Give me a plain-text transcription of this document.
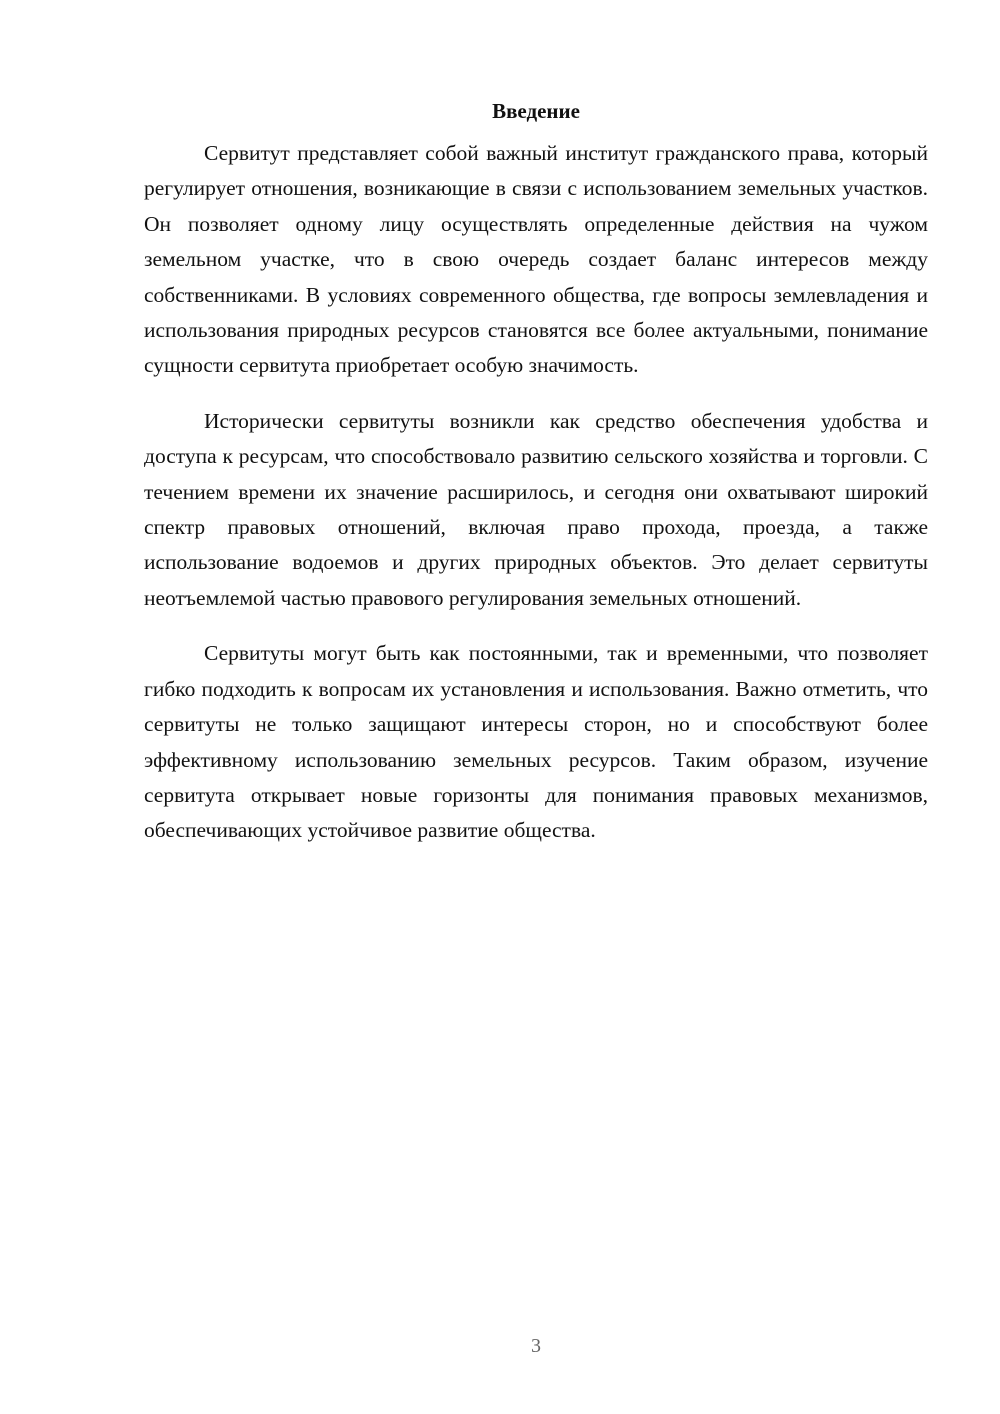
Введение

Сервитут представляет собой важный институт гражданского права, который регулирует отношения, возникающие в связи с использованием земельных участков. Он позволяет одному лицу осуществлять определенные действия на чужом земельном участке, что в свою очередь создает баланс интересов между собственниками. В условиях современного общества, где вопросы землевладения и использования природных ресурсов становятся все более актуальными, понимание сущности сервитута приобретает особую значимость.

Исторически сервитуты возникли как средство обеспечения удобства и доступа к ресурсам, что способствовало развитию сельского хозяйства и торговли. С течением времени их значение расширилось, и сегодня они охватывают широкий спектр правовых отношений, включая право прохода, проезда, а также использование водоемов и других природных объектов. Это делает сервитуты неотъемлемой частью правового регулирования земельных отношений.

Сервитуты могут быть как постоянными, так и временными, что позволяет гибко подходить к вопросам их установления и использования. Важно отметить, что сервитуты не только защищают интересы сторон, но и способствуют более эффективному использованию земельных ресурсов. Таким образом, изучение сервитута открывает новые горизонты для понимания правовых механизмов, обеспечивающих устойчивое развитие общества.

3
